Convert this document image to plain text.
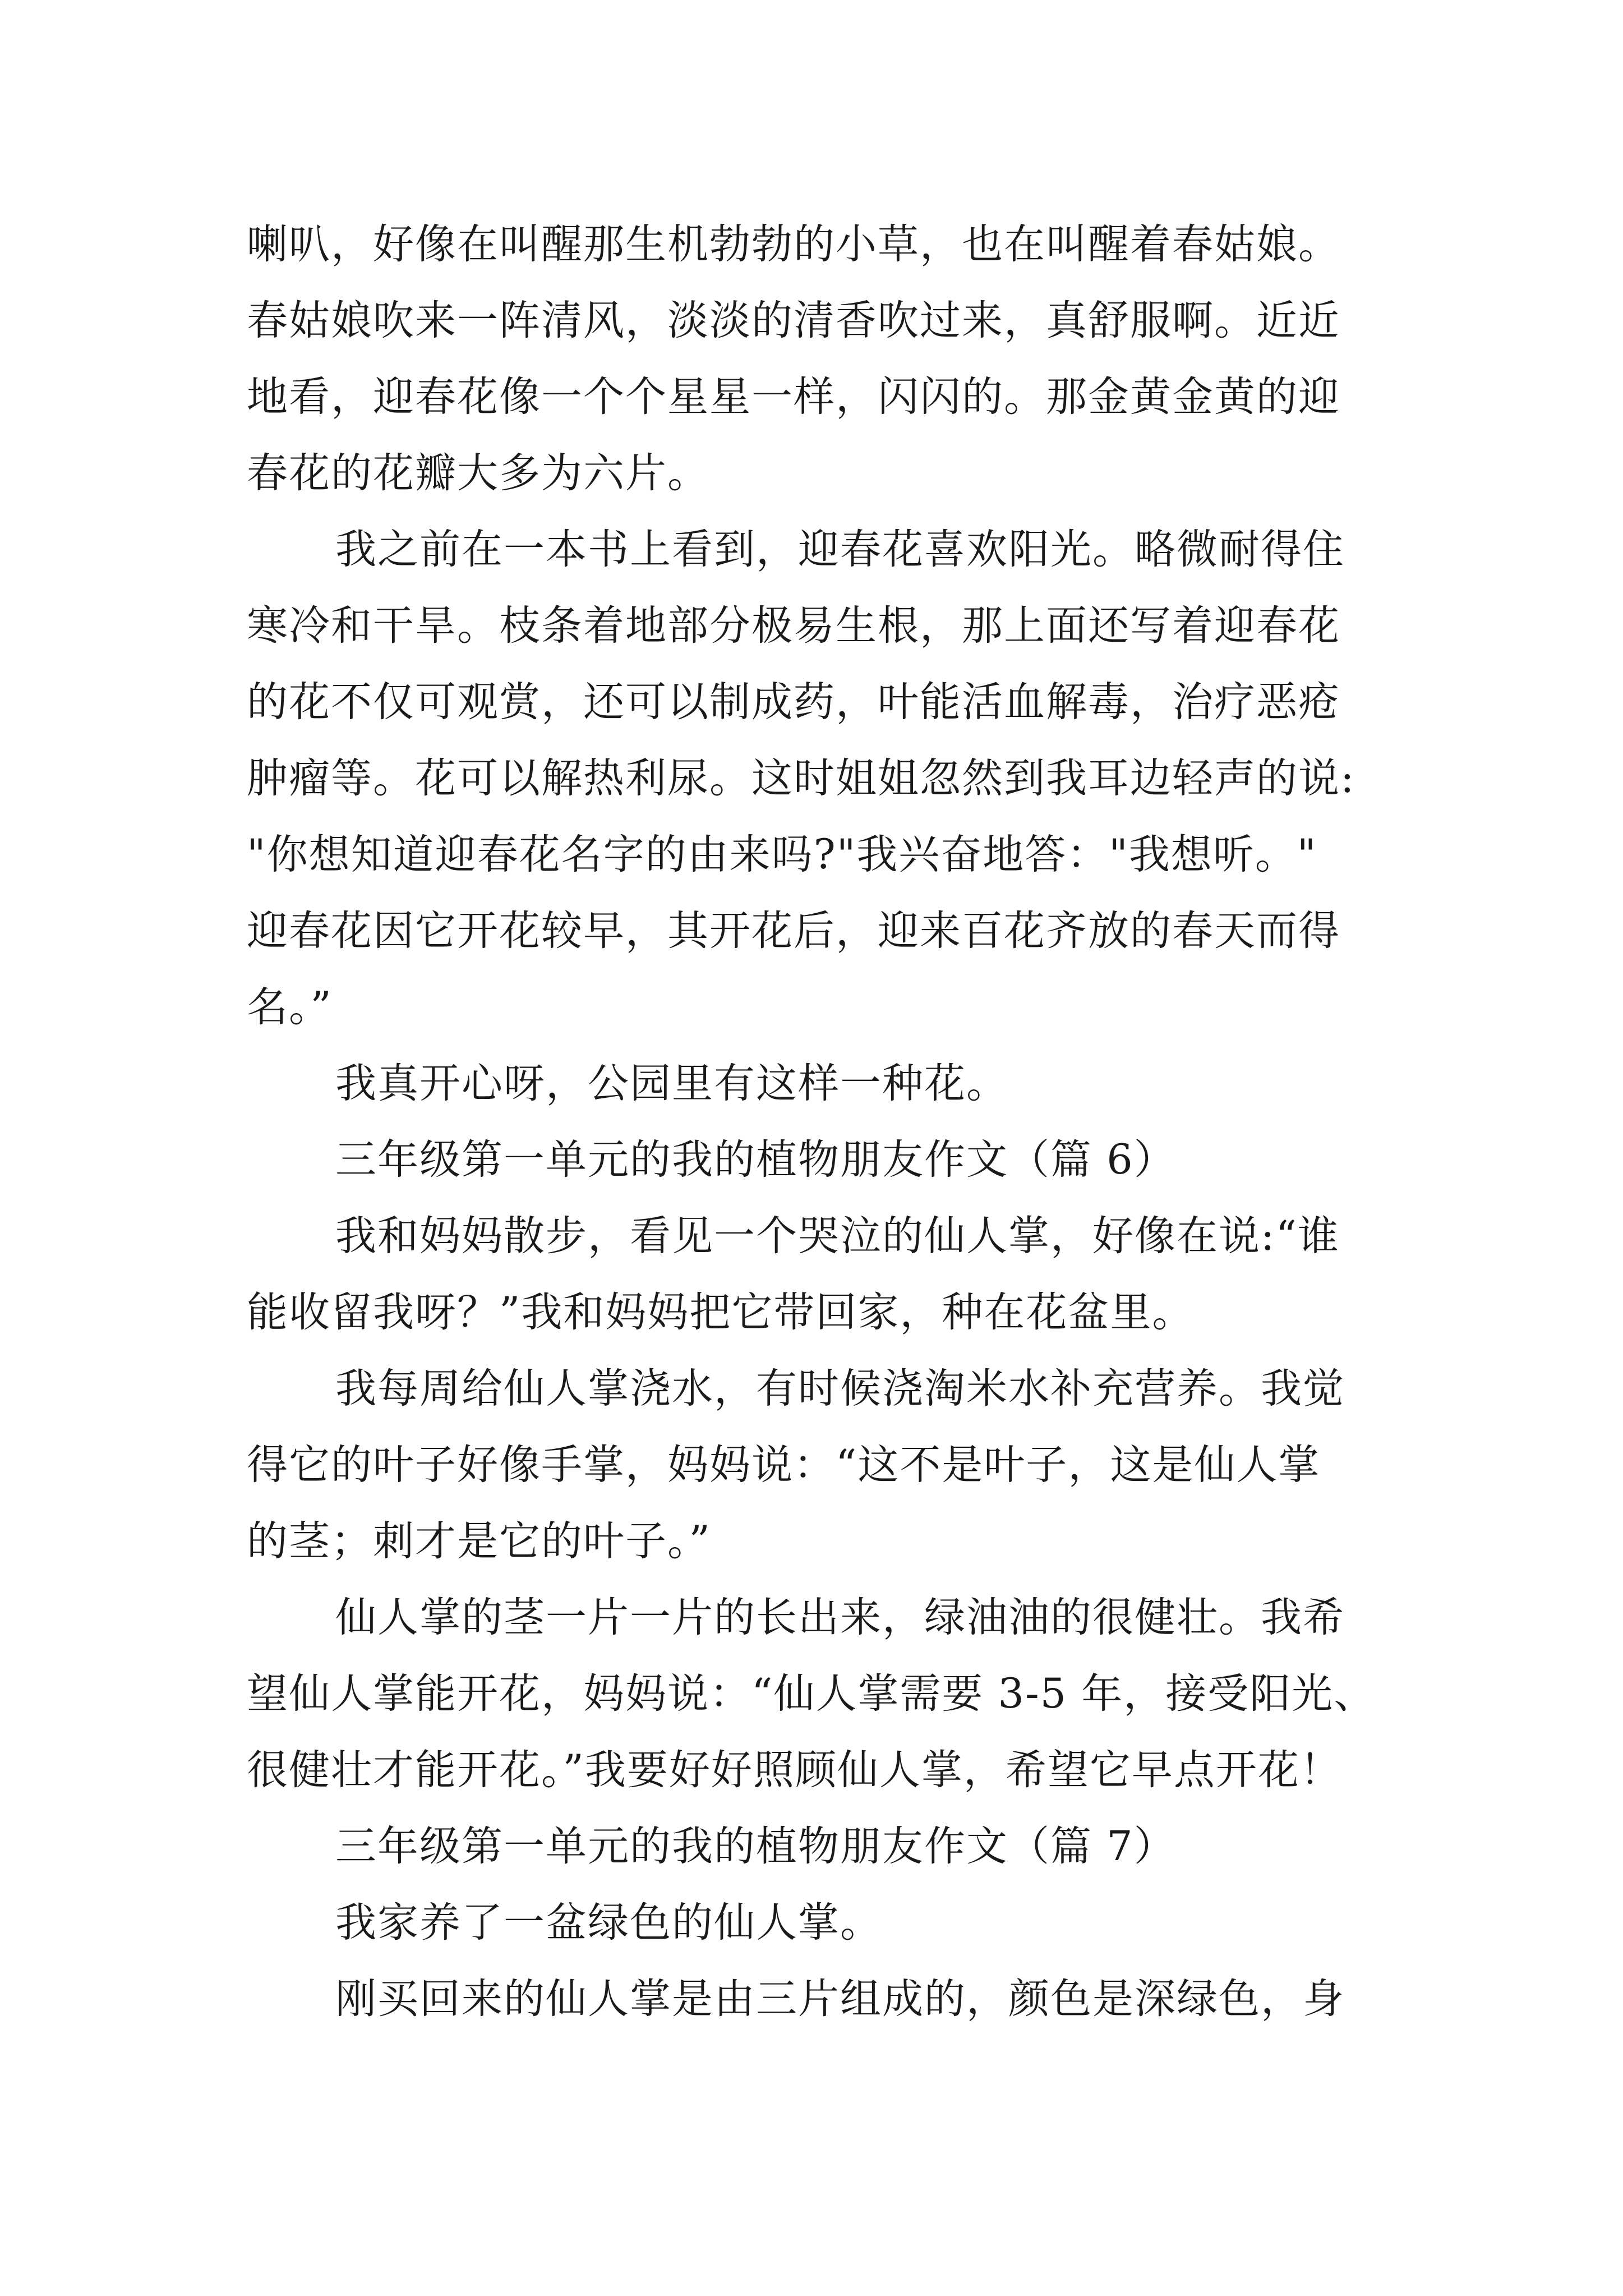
喇叭，好像在叫醒那生机勃勃的小草，也在叫醒着春姑娘。
春姑娘吹来一阵清风，淡淡的清香吹过来，真舒服啊。近近
地看，迎春花像一个个星星一样，闪闪的。那金黄金黄的迎
春花的花瓣大多为六片。
我之前在一本书上看到，迎春花喜欢阳光。略微耐得住
寒冷和干旱。枝条着地部分极易生根，那上面还写着迎春花
的花不仅可观赏，还可以制成药，叶能活血解毒，治疗恶疮
肿瘤等。花可以解热利尿。这时姐姐忽然到我耳边轻声的说:
"你想知道迎春花名字的由来吗?"我兴奋地答："我想听。"
迎春花因它开花较早，其开花后，迎来百花齐放的春天而得
名。”
我真开心呀，公园里有这样一种花。
三年级第一单元的我的植物朋友作文（篇 6）
我和妈妈散步，看见一个哭泣的仙人掌，好像在说:“谁
能收留我呀？”我和妈妈把它带回家，种在花盆里。
我每周给仙人掌浇水，有时候浇淘米水补充营养。我觉
得它的叶子好像手掌，妈妈说：“这不是叶子，这是仙人掌
的茎；刺才是它的叶子。”
仙人掌的茎一片一片的长出来，绿油油的很健壮。我希
望仙人掌能开花，妈妈说：“仙人掌需要 3-5 年，接受阳光、
很健壮才能开花。”我要好好照顾仙人掌，希望它早点开花！
三年级第一单元的我的植物朋友作文（篇 7）
我家养了一盆绿色的仙人掌。
刚买回来的仙人掌是由三片组成的，颜色是深绿色，身
